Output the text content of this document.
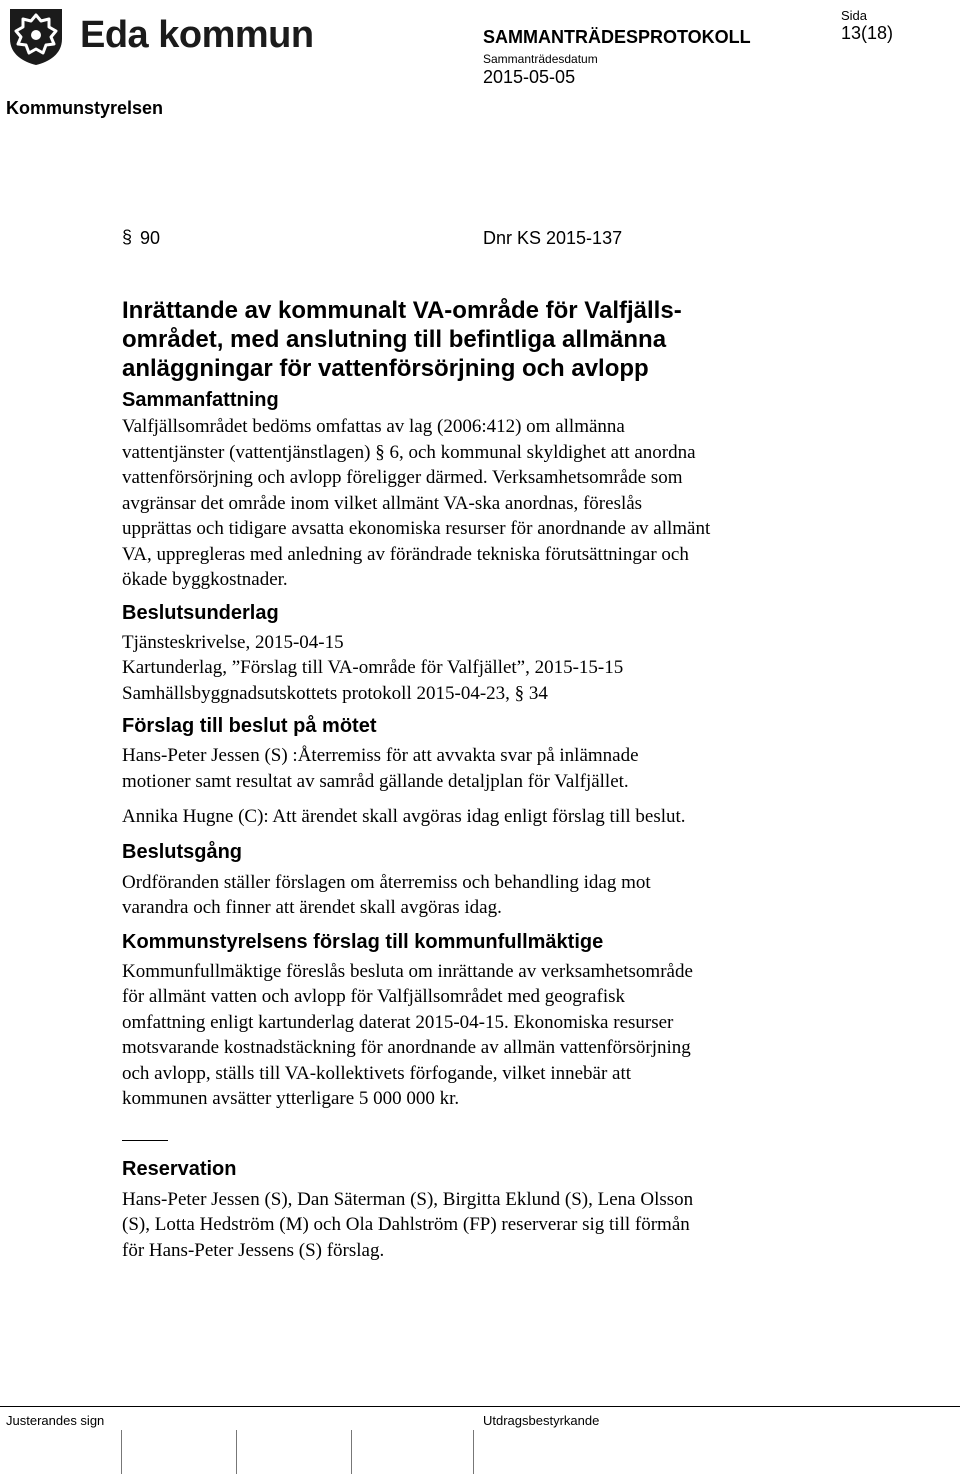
Eda kommun	SAMMANTRÄDESPROTOKOLL

Sammanträdesdatum

2015-05-05

Sida

13(18)

Kommunstyrelsen

§ 90	Dnr KS 2015-137

Inrättande av kommunalt VA-område för Valfjälls-
området, med anslutning till befintliga allmänna
anläggningar för vattenförsörjning och avlopp
Sammanfattning
Valfjällsområdet bedöms omfattas av lag (2006:412) om allmänna
vattentjänster (vattentjänstlagen) § 6, och kommunal skyldighet att anordna
vattenförsörjning och avlopp föreligger därmed. Verksamhetsområde som
avgränsar det område inom vilket allmänt VA-ska anordnas, föreslås
upprättas och tidigare avsatta ekonomiska resurser för anordnande av allmänt
VA, uppregleras med anledning av förändrade tekniska förutsättningar och
ökade byggkostnader.
Beslutsunderlag
Tjänsteskrivelse, 2015-04-15
Kartunderlag, ”Förslag till VA-område för Valfjället”, 2015-15-15
Samhällsbyggnadsutskottets protokoll 2015-04-23, § 34
Förslag till beslut på mötet
Hans-Peter Jessen (S) :Återremiss för att avvakta svar på inlämnade
motioner samt resultat av samråd gällande detaljplan för Valfjället.
Annika Hugne (C): Att ärendet skall avgöras idag enligt förslag till beslut.
Beslutsgång
Ordföranden ställer förslagen om återremiss och behandling idag mot
varandra och finner att ärendet skall avgöras idag.
Kommunstyrelsens förslag till kommunfullmäktige
Kommunfullmäktige föreslås besluta om inrättande av verksamhetsområde
för allmänt vatten och avlopp för Valfjällsområdet med geografisk
omfattning enligt kartunderlag daterat 2015-04-15. Ekonomiska resurser
motsvarande kostnadstäckning för anordnande av allmän vattenförsörjning
och avlopp, ställs till VA-kollektivets förfogande, vilket innebär att
kommunen avsätter ytterligare 5 000 000 kr.
Reservation
Hans-Peter Jessen (S), Dan Säterman (S), Birgitta Eklund (S), Lena Olsson
(S), Lotta Hedström (M) och Ola Dahlström (FP) reserverar sig till förmån
för Hans-Peter Jessens (S) förslag.

Justerandes sign	Utdragsbestyrkande
